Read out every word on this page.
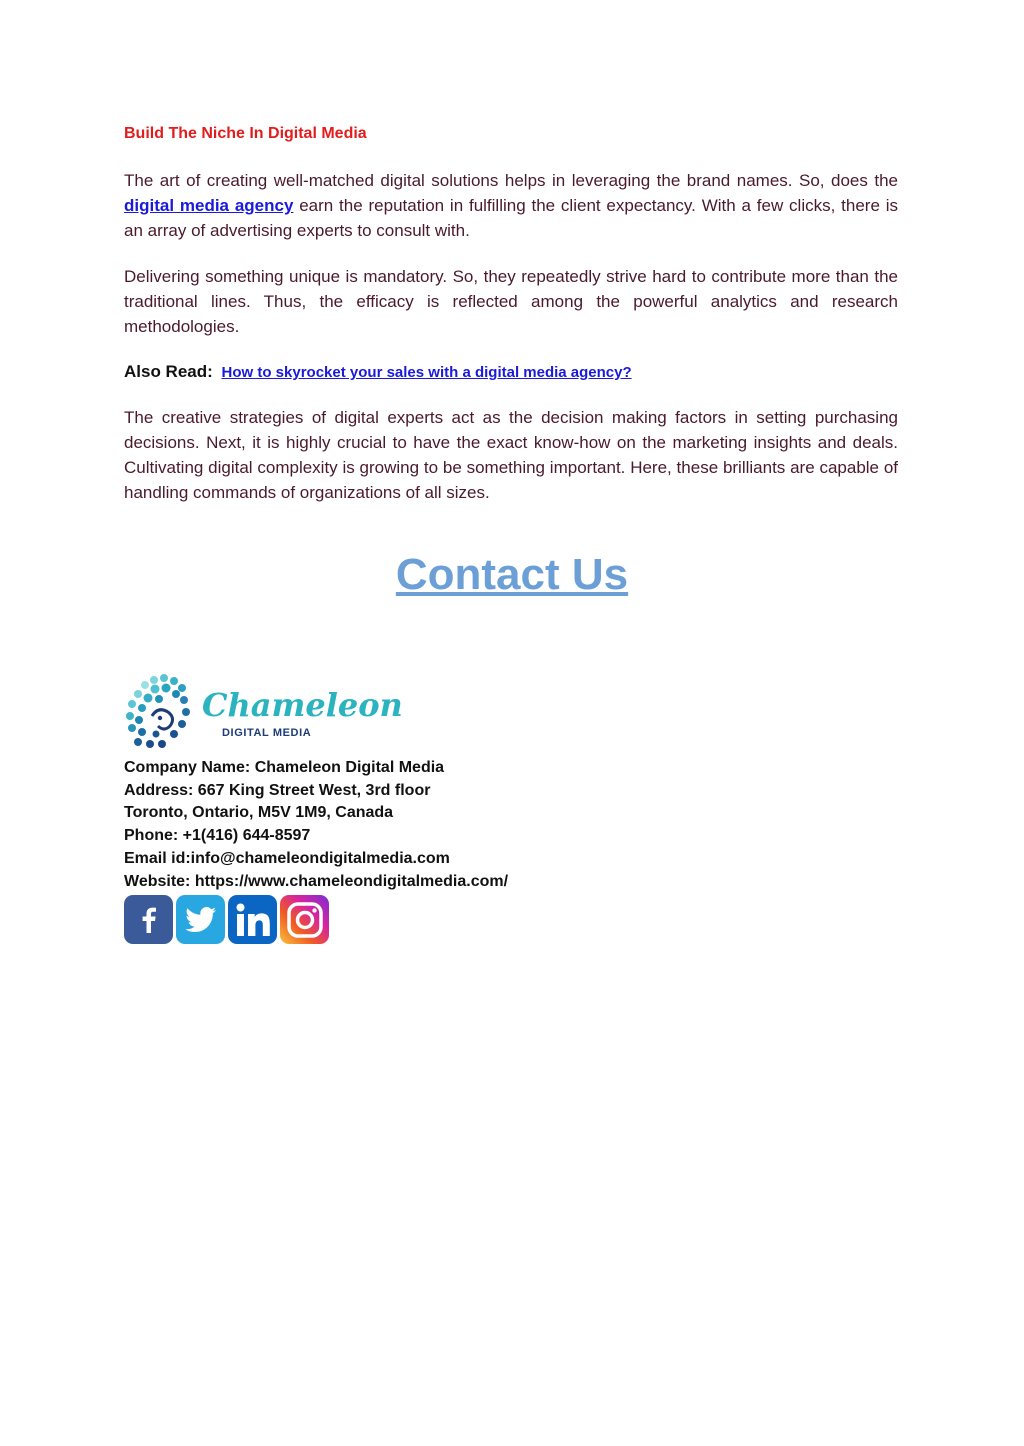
Build The Niche In Digital Media

The art of creating well-matched digital solutions helps in leveraging the brand names. So, does the digital media agency earn the reputation in fulfilling the client expectancy. With a few clicks, there is an array of advertising experts to consult with.

Delivering something unique is mandatory. So, they repeatedly strive hard to contribute more than the traditional lines. Thus, the efficacy is reflected among the powerful analytics and research methodologies.

Also Read: How to skyrocket your sales with a digital media agency?

The creative strategies of digital experts act as the decision making factors in setting purchasing decisions. Next, it is highly crucial to have the exact know-how on the marketing insights and deals. Cultivating digital complexity is growing to be something important. Here, these brilliants are capable of handling commands of organizations of all sizes.

Contact Us
Chameleon
DIGITAL MEDIA
Company Name: Chameleon Digital Media
Address: 667 King Street West, 3rd floor
Toronto, Ontario, M5V 1M9, Canada
Phone: +1(416) 644-8597
Email id:info@chameleondigitalmedia.com
Website: https://www.chameleondigitalmedia.com/
